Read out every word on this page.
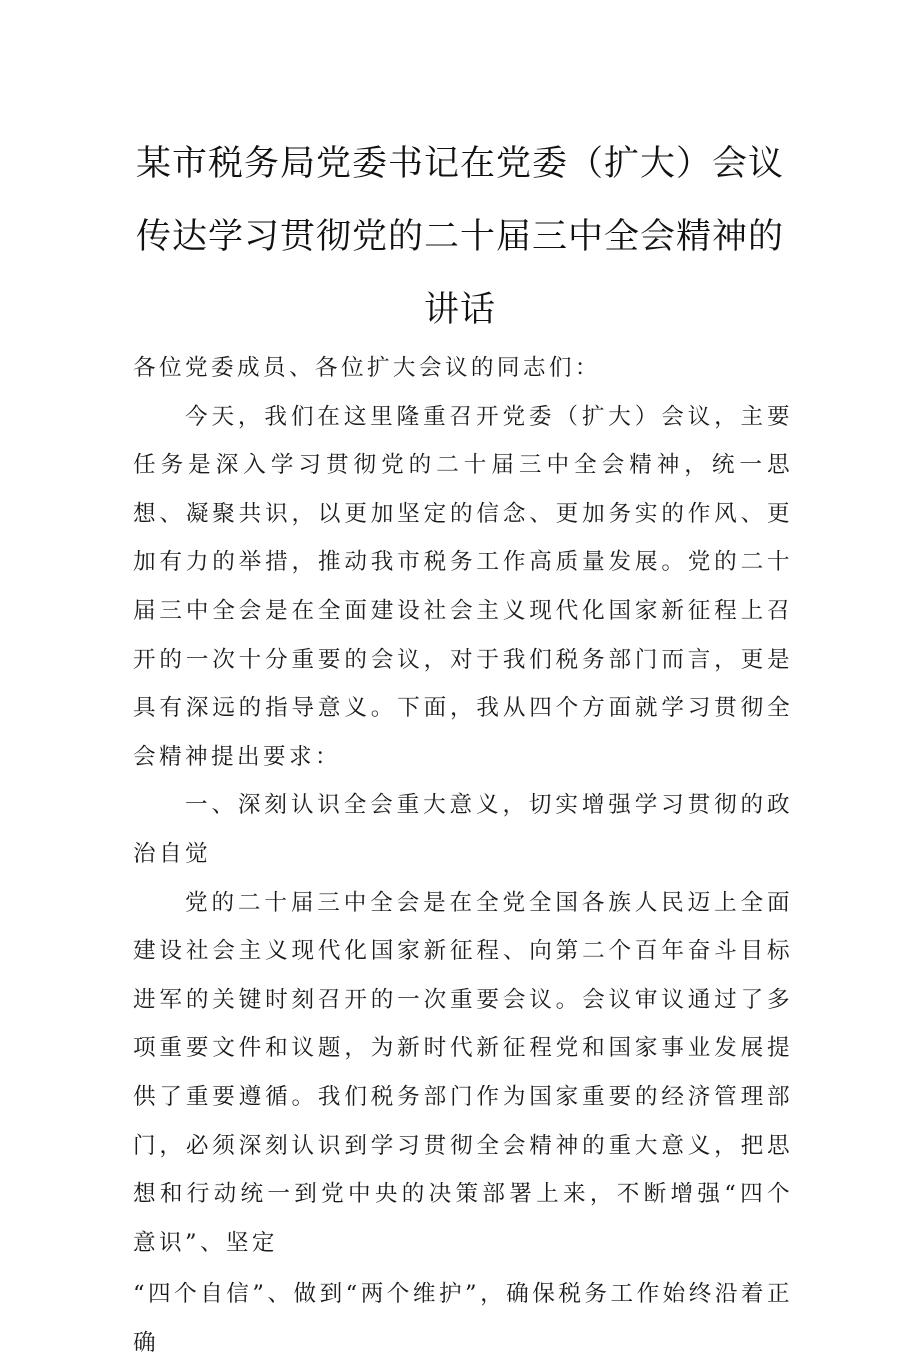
某市税务局党委书记在党委（扩大）会议传达学习贯彻党的二十届三中全会精神的讲话

各位党委成员、各位扩大会议的同志们：

今天，我们在这里隆重召开党委（扩大）会议，主要任务是深入学习贯彻党的二十届三中全会精神，统一思想、凝聚共识，以更加坚定的信念、更加务实的作风、更加有力的举措，推动我市税务工作高质量发展。党的二十届三中全会是在全面建设社会主义现代化国家新征程上召开的一次十分重要的会议，对于我们税务部门而言，更是具有深远的指导意义。下面，我从四个方面就学习贯彻全会精神提出要求：

一、深刻认识全会重大意义，切实增强学习贯彻的政治自觉

党的二十届三中全会是在全党全国各族人民迈上全面建设社会主义现代化国家新征程、向第二个百年奋斗目标进军的关键时刻召开的一次重要会议。会议审议通过了多项重要文件和议题，为新时代新征程党和国家事业发展提供了重要遵循。我们税务部门作为国家重要的经济管理部门，必须深刻认识到学习贯彻全会精神的重大意义，把思想和行动统一到党中央的决策部署上来，不断增强“四个意识”、坚定

“四个自信”、做到“两个维护”，确保税务工作始终沿着正确
